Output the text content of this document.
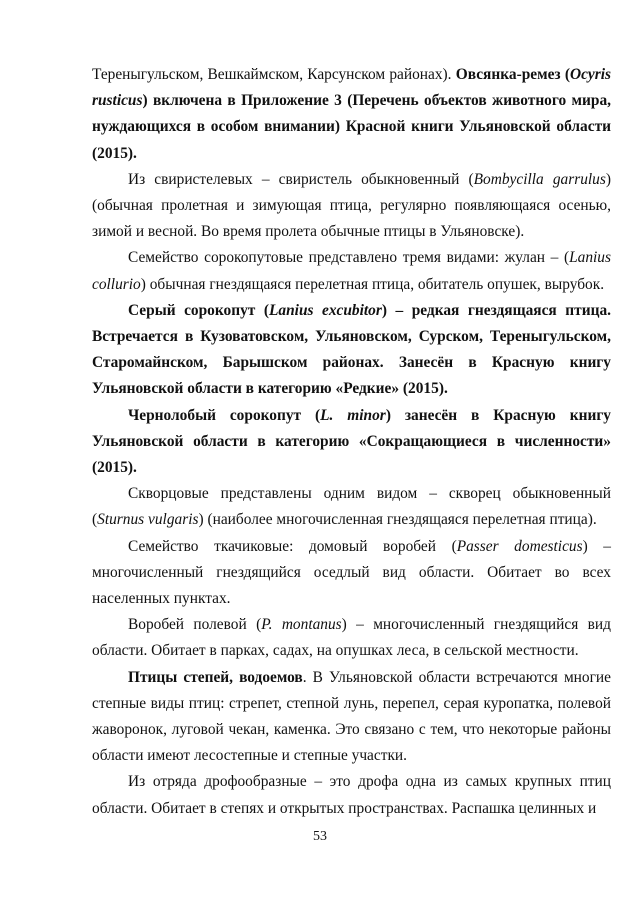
Тереныгульском, Вешкаймском, Карсунском районах). Овсянка-ремез (Ocyris rusticus) включена в Приложение 3 (Перечень объектов животного мира, нуждающихся в особом внимании) Красной книги Ульяновской области (2015).

Из свиристелевых – свиристель обыкновенный (Bombycilla garrulus) (обычная пролетная и зимующая птица, регулярно появляющаяся осенью, зимой и весной. Во время пролета обычные птицы в Ульяновске).

Семейство сорокопутовые представлено тремя видами: жулан – (Lanius collurio) обычная гнездящаяся перелетная птица, обитатель опушек, вырубок.

Серый сорокопут (Lanius excubitor) – редкая гнездящаяся птица. Встречается в Кузоватовском, Ульяновском, Сурском, Тереныгульском, Старомайнском, Барышском районах. Занесён в Красную книгу Ульяновской области в категорию «Редкие» (2015).

Чернолобый сорокопут (L. minor) занесён в Красную книгу Ульяновской области в категорию «Сокращающиеся в численности» (2015).

Скворцовые представлены одним видом – скворец обыкновенный (Sturnus vulgaris) (наиболее многочисленная гнездящаяся перелетная птица).

Семейство ткачиковые: домовый воробей (Passer domesticus) – многочисленный гнездящийся оседлый вид области. Обитает во всех населенных пунктах.

Воробей полевой (P. montanus) – многочисленный гнездящийся вид области. Обитает в парках, садах, на опушках леса, в сельской местности.

Птицы степей, водоемов. В Ульяновской области встречаются многие степные виды птиц: стрепет, степной лунь, перепел, серая куропатка, полевой жаворонок, луговой чекан, каменка. Это связано с тем, что некоторые районы области имеют лесостепные и степные участки.

Из отряда дрофообразные – это дрофа одна из самых крупных птиц области. Обитает в степях и открытых пространствах. Распашка целинных и

53
